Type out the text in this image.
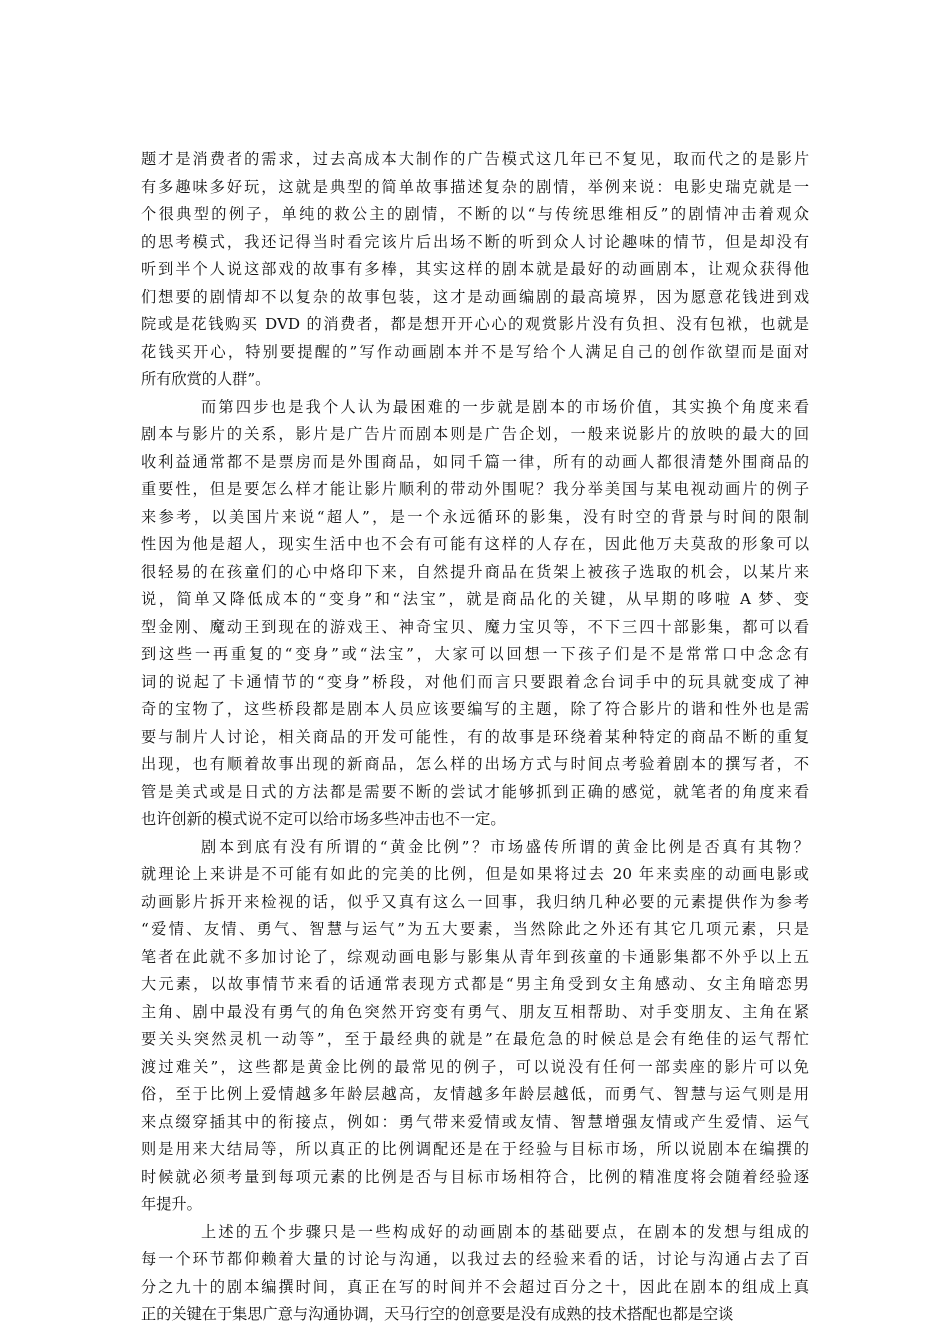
题才是消费者的需求，过去高成本大制作的广告模式这几年已不复见，取而代之的是影片
有多趣味多好玩，这就是典型的简单故事描述复杂的剧情，举例来说：电影史瑞克就是一
个很典型的例子，单纯的救公主的剧情，不断的以“与传统思维相反”的剧情冲击着观众
的思考模式，我还记得当时看完该片后出场不断的听到众人讨论趣味的情节，但是却没有
听到半个人说这部戏的故事有多棒，其实这样的剧本就是最好的动画剧本，让观众获得他
们想要的剧情却不以复杂的故事包装，这才是动画编剧的最高境界，因为愿意花钱进到戏
院或是花钱购买 DVD 的消费者，都是想开开心心的观赏影片没有负担、没有包袱，也就是
花钱买开心，特别要提醒的”写作动画剧本并不是写给个人满足自己的创作欲望而是面对
所有欣赏的人群”。
而第四步也是我个人认为最困难的一步就是剧本的市场价值，其实换个角度来看
剧本与影片的关系，影片是广告片而剧本则是广告企划，一般来说影片的放映的最大的回
收利益通常都不是票房而是外围商品，如同千篇一律，所有的动画人都很清楚外围商品的
重要性，但是要怎么样才能让影片顺利的带动外围呢？我分举美国与某电视动画片的例子
来参考，以美国片来说“超人”，是一个永远循环的影集，没有时空的背景与时间的限制
性因为他是超人，现实生活中也不会有可能有这样的人存在，因此他万夫莫敌的形象可以
很轻易的在孩童们的心中烙印下来，自然提升商品在货架上被孩子选取的机会，以某片来
说，简单又降低成本的“变身”和“法宝”，就是商品化的关键，从早期的哆啦 A 梦、变
型金刚、魔动王到现在的游戏王、神奇宝贝、魔力宝贝等，不下三四十部影集，都可以看
到这些一再重复的“变身”或“法宝”，大家可以回想一下孩子们是不是常常口中念念有
词的说起了卡通情节的“变身”桥段，对他们而言只要跟着念台词手中的玩具就变成了神
奇的宝物了，这些桥段都是剧本人员应该要编写的主题，除了符合影片的谐和性外也是需
要与制片人讨论，相关商品的开发可能性，有的故事是环绕着某种特定的商品不断的重复
出现，也有顺着故事出现的新商品，怎么样的出场方式与时间点考验着剧本的撰写者，不
管是美式或是日式的方法都是需要不断的尝试才能够抓到正确的感觉，就笔者的角度来看
也许创新的模式说不定可以给市场多些冲击也不一定。
剧本到底有没有所谓的“黄金比例”？市场盛传所谓的黄金比例是否真有其物？
就理论上来讲是不可能有如此的完美的比例，但是如果将过去 20 年来卖座的动画电影或
动画影片拆开来检视的话，似乎又真有这么一回事，我归纳几种必要的元素提供作为参考
“爱情、友情、勇气、智慧与运气”为五大要素，当然除此之外还有其它几项元素，只是
笔者在此就不多加讨论了，综观动画电影与影集从青年到孩童的卡通影集都不外乎以上五
大元素，以故事情节来看的话通常表现方式都是“男主角受到女主角感动、女主角暗恋男
主角、剧中最没有勇气的角色突然开窍变有勇气、朋友互相帮助、对手变朋友、主角在紧
要关头突然灵机一动等”，至于最经典的就是”在最危急的时候总是会有绝佳的运气帮忙
渡过难关”，这些都是黄金比例的最常见的例子，可以说没有任何一部卖座的影片可以免
俗，至于比例上爱情越多年龄层越高，友情越多年龄层越低，而勇气、智慧与运气则是用
来点缀穿插其中的衔接点，例如：勇气带来爱情或友情、智慧增强友情或产生爱情、运气
则是用来大结局等，所以真正的比例调配还是在于经验与目标市场，所以说剧本在编撰的
时候就必须考量到每项元素的比例是否与目标市场相符合，比例的精准度将会随着经验逐
年提升。
上述的五个步骤只是一些构成好的动画剧本的基础要点，在剧本的发想与组成的
每一个环节都仰赖着大量的讨论与沟通，以我过去的经验来看的话，讨论与沟通占去了百
分之九十的剧本编撰时间，真正在写的时间并不会超过百分之十，因此在剧本的组成上真
正的关键在于集思广意与沟通协调，天马行空的创意要是没有成熟的技术搭配也都是空谈
